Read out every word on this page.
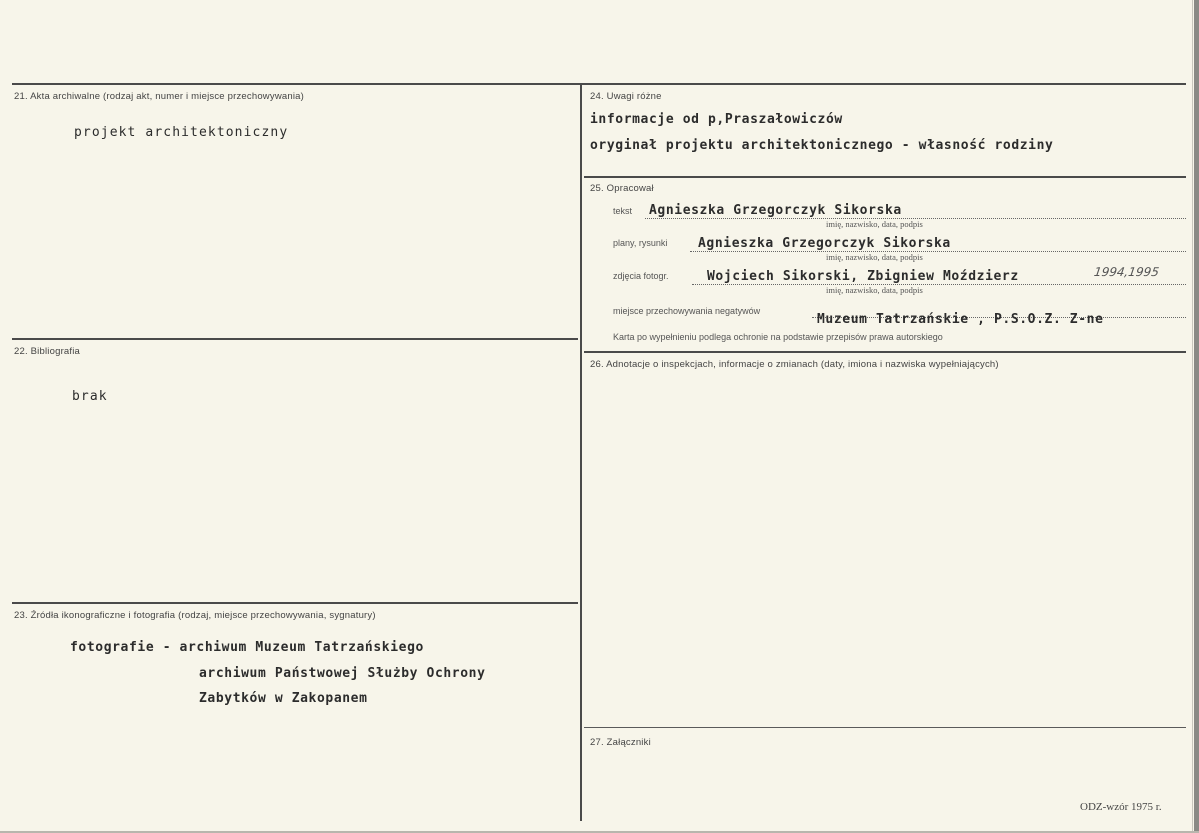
21. Akta archiwalne (rodzaj akt, numer i miejsce przechowywania)
projekt architektoniczny
22. Bibliografia
brak
23. Źródła ikonograficzne i fotografia (rodzaj, miejsce przechowywania, sygnatury)
fotografie - archiwum Muzeum Tatrzańskiego
archiwum Państwowej Służby Ochrony
Zabytków w Zakopanem
24. Uwagi różne
informacje od p,Praszałowiczów
oryginał projektu architektonicznego - własność rodziny
25. Opracował
tekst Agnieszka Grzegorczyk Sikorska
imię, nazwisko, data, podpis
plany, rysunki Agnieszka Grzegorczyk Sikorska
imię, nazwisko, data, podpis
zdjęcia fotogr.	Wojciech Sikorski, Zbigniew Moździerz	1994,1995
imię, nazwisko, data, podpis
miejsce przechowywania negatywów
Muzeum Tatrzańskie , P.S.O.Z. Z-ne
Karta po wypełnieniu podlega ochronie na podstawie przepisów prawa autorskiego
26. Adnotacje o inspekcjach, informacje o zmianach (daty, imiona i nazwiska wypełniających)
27. Załączniki
ODZ-wzór 1975 r.
